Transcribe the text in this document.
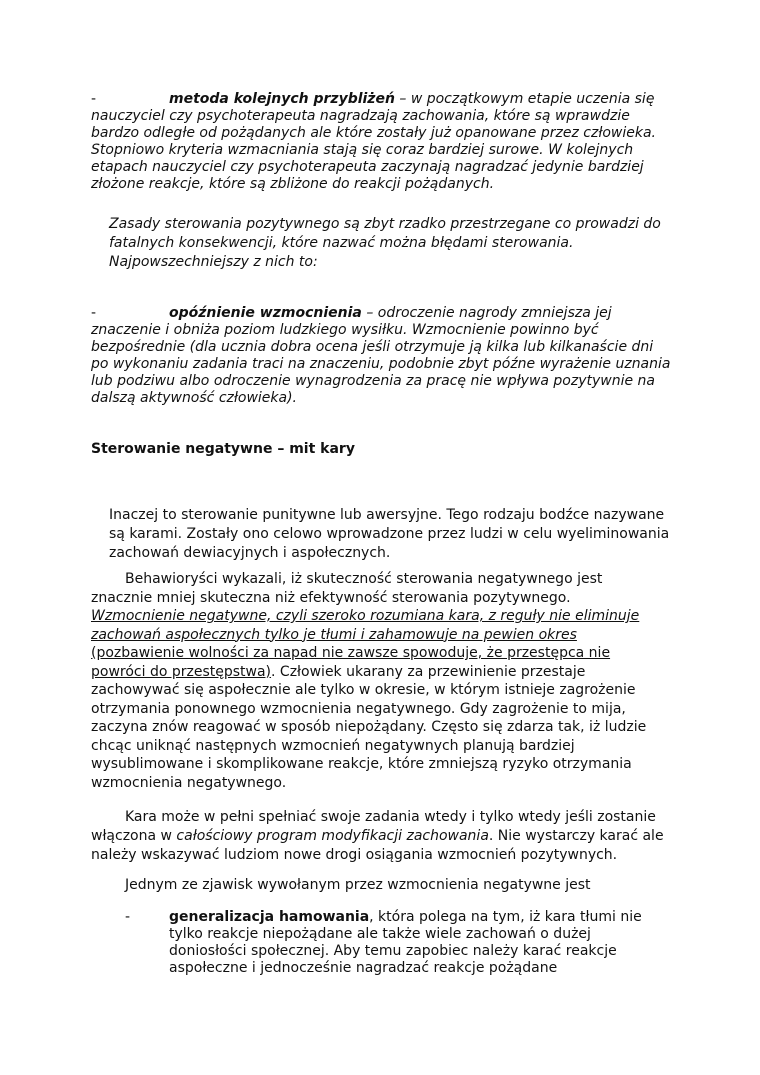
-	metoda kolejnych przybliżeń – w początkowym etapie uczenia się nauczyciel czy psychoterapeuta nagradzają zachowania, które są wprawdzie bardzo odległe od pożądanych ale które zostały już opanowane przez człowieka. Stopniowo kryteria wzmacniania stają się coraz bardziej surowe. W kolejnych etapach nauczyciel czy psychoterapeuta zaczynają nagradzać jedynie bardziej złożone reakcje, które są zbliżone do reakcji pożądanych.
Zasady sterowania pozytywnego są zbyt rzadko przestrzegane co prowadzi do fatalnych konsekwencji, które nazwać można błędami sterowania. Najpowszechniejszy z nich to:
-	opóźnienie wzmocnienia – odroczenie nagrody zmniejsza jej znaczenie i obniża poziom ludzkiego wysiłku. Wzmocnienie powinno być bezpośrednie (dla ucznia dobra ocena jeśli otrzymuje ją kilka lub kilkanaście dni po wykonaniu zadania traci na znaczeniu, podobnie zbyt późne wyrażenie uznania lub podziwu albo odroczenie wynagrodzenia za pracę nie wpływa pozytywnie na dalszą aktywność człowieka).
Sterowanie negatywne – mit kary
Inaczej to sterowanie punitywne lub awersyjne. Tego rodzaju bodźce nazywane są karami. Zostały ono celowo wprowadzone przez ludzi w celu wyeliminowania zachowań dewiacyjnych i aspołecznych.
Behawioryści wykazali, iż skuteczność sterowania negatywnego jest znacznie mniej skuteczna niż efektywność sterowania pozytywnego. Wzmocnienie negatywne, czyli szeroko rozumiana kara, z reguły nie eliminuje zachowań aspołecznych tylko je tłumi i zahamowuje na pewien okres (pozbawienie wolności za napad nie zawsze spowoduje, że przestępca nie powróci do przestępstwa). Człowiek ukarany za przewinienie przestaje zachowywać się aspołecznie ale tylko w okresie, w którym istnieje zagrożenie otrzymania ponownego wzmocnienia negatywnego. Gdy zagrożenie to mija, zaczyna znów reagować w sposób niepożądany. Często się zdarza tak, iż ludzie chcąc uniknąć następnych wzmocnień negatywnych planują bardziej wysublimowane i skomplikowane reakcje, które zmniejszą ryzyko otrzymania wzmocnienia negatywnego.
Kara może w pełni spełniać swoje zadania wtedy i tylko wtedy jeśli zostanie włączona w całościowy program modyfikacji zachowania. Nie wystarczy karać ale należy wskazywać ludziom nowe drogi osiągania wzmocnień pozytywnych.
Jednym ze zjawisk wywołanym przez wzmocnienia negatywne jest
-	generalizacja hamowania, która polega na tym, iż kara tłumi nie tylko reakcje niepożądane ale także wiele zachowań o dużej doniosłości społecznej. Aby temu zapobiec należy karać reakcje aspołeczne i jednocześnie nagradzać reakcje pożądane
